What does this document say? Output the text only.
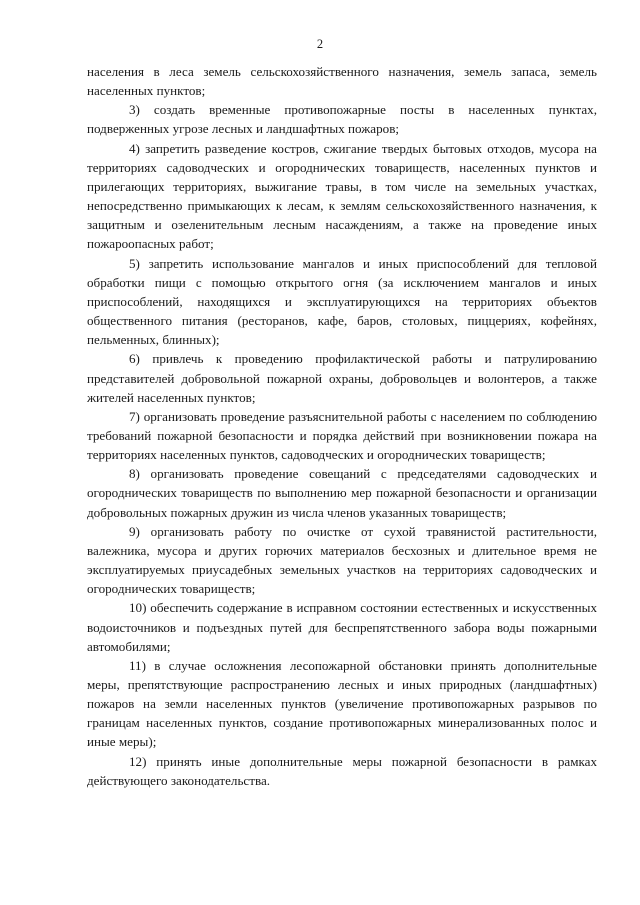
2

населения в леса земель сельскохозяйственного назначения, земель запаса, земель населенных пунктов;

3) создать временные противопожарные посты в населенных пунктах, подверженных угрозе лесных и ландшафтных пожаров;

4) запретить разведение костров, сжигание твердых бытовых отходов, мусора на территориях садоводческих и огороднических товариществ, населенных пунктов и прилегающих территориях, выжигание травы, в том числе на земельных участках, непосредственно примыкающих к лесам, к землям сельскохозяйственного назначения, к защитным и озеленительным лесным насаждениям, а также на проведение иных пожароопасных работ;

5) запретить использование мангалов и иных приспособлений для тепловой обработки пищи с помощью открытого огня (за исключением мангалов и иных приспособлений, находящихся и эксплуатирующихся на территориях объектов общественного питания (ресторанов, кафе, баров, столовых, пиццериях, кофейнях, пельменных, блинных);

6) привлечь к проведению профилактической работы и патрулированию представителей добровольной пожарной охраны, добровольцев и волонтеров, а также жителей населенных пунктов;

7) организовать проведение разъяснительной работы с населением по соблюдению требований пожарной безопасности и порядка действий при возникновении пожара на территориях населенных пунктов, садоводческих и огороднических товариществ;

8) организовать проведение совещаний с председателями садоводческих и огороднических товариществ по выполнению мер пожарной безопасности и организации добровольных пожарных дружин из числа членов указанных товариществ;

9) организовать работу по очистке от сухой травянистой растительности, валежника, мусора и других горючих материалов бесхозных и длительное время не эксплуатируемых приусадебных земельных участков на территориях садоводческих и огороднических товариществ;

10) обеспечить содержание в исправном состоянии естественных и искусственных водоисточников и подъездных путей для беспрепятственного забора воды пожарными автомобилями;

11) в случае осложнения лесопожарной обстановки принять дополнительные меры, препятствующие распространению лесных и иных природных (ландшафтных) пожаров на земли населенных пунктов (увеличение противопожарных разрывов по границам населенных пунктов, создание противопожарных минерализованных полос и иные меры);

12) принять иные дополнительные меры пожарной безопасности в рамках действующего законодательства.
